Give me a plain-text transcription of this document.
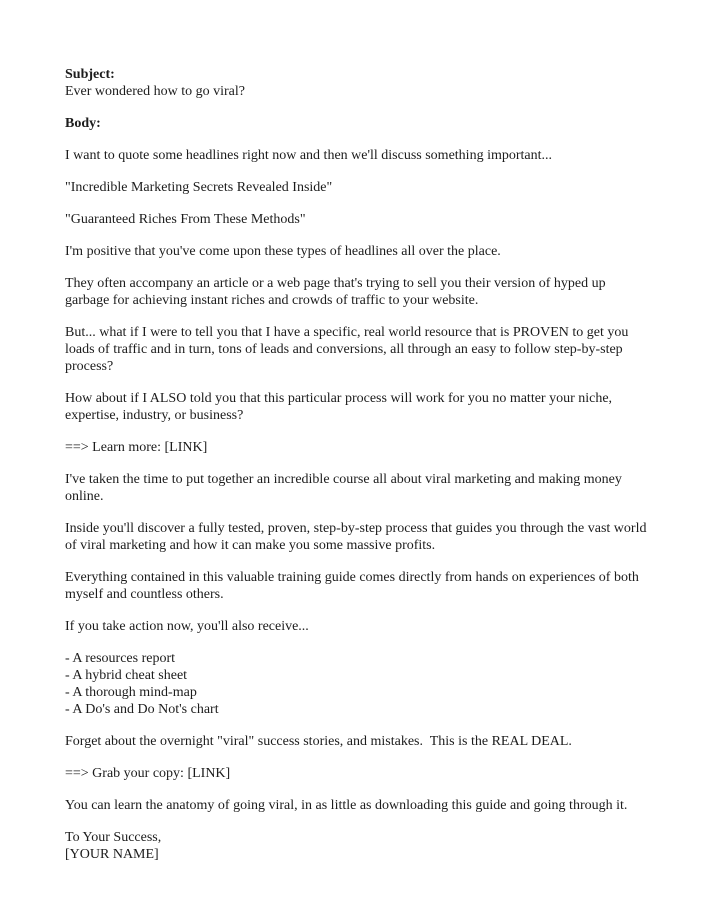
Subject:

Ever wondered how to go viral?

Body:

I want to quote some headlines right now and then we'll discuss something important...

"Incredible Marketing Secrets Revealed Inside"

"Guaranteed Riches From These Methods"

I'm positive that you've come upon these types of headlines all over the place.

They often accompany an article or a web page that's trying to sell you their version of hyped up garbage for achieving instant riches and crowds of traffic to your website.

But... what if I were to tell you that I have a specific, real world resource that is PROVEN to get you loads of traffic and in turn, tons of leads and conversions, all through an easy to follow step-by-step process?

How about if I ALSO told you that this particular process will work for you no matter your niche, expertise, industry, or business?

==> Learn more: [LINK]

I've taken the time to put together an incredible course all about viral marketing and making money online.

Inside you'll discover a fully tested, proven, step-by-step process that guides you through the vast world of viral marketing and how it can make you some massive profits.

Everything contained in this valuable training guide comes directly from hands on experiences of both myself and countless others.

If you take action now, you'll also receive...

- A resources report
- A hybrid cheat sheet
- A thorough mind-map
- A Do's and Do Not's chart

Forget about the overnight "viral" success stories, and mistakes.  This is the REAL DEAL.

==> Grab your copy: [LINK]

You can learn the anatomy of going viral, in as little as downloading this guide and going through it.

To Your Success,

[YOUR NAME]
